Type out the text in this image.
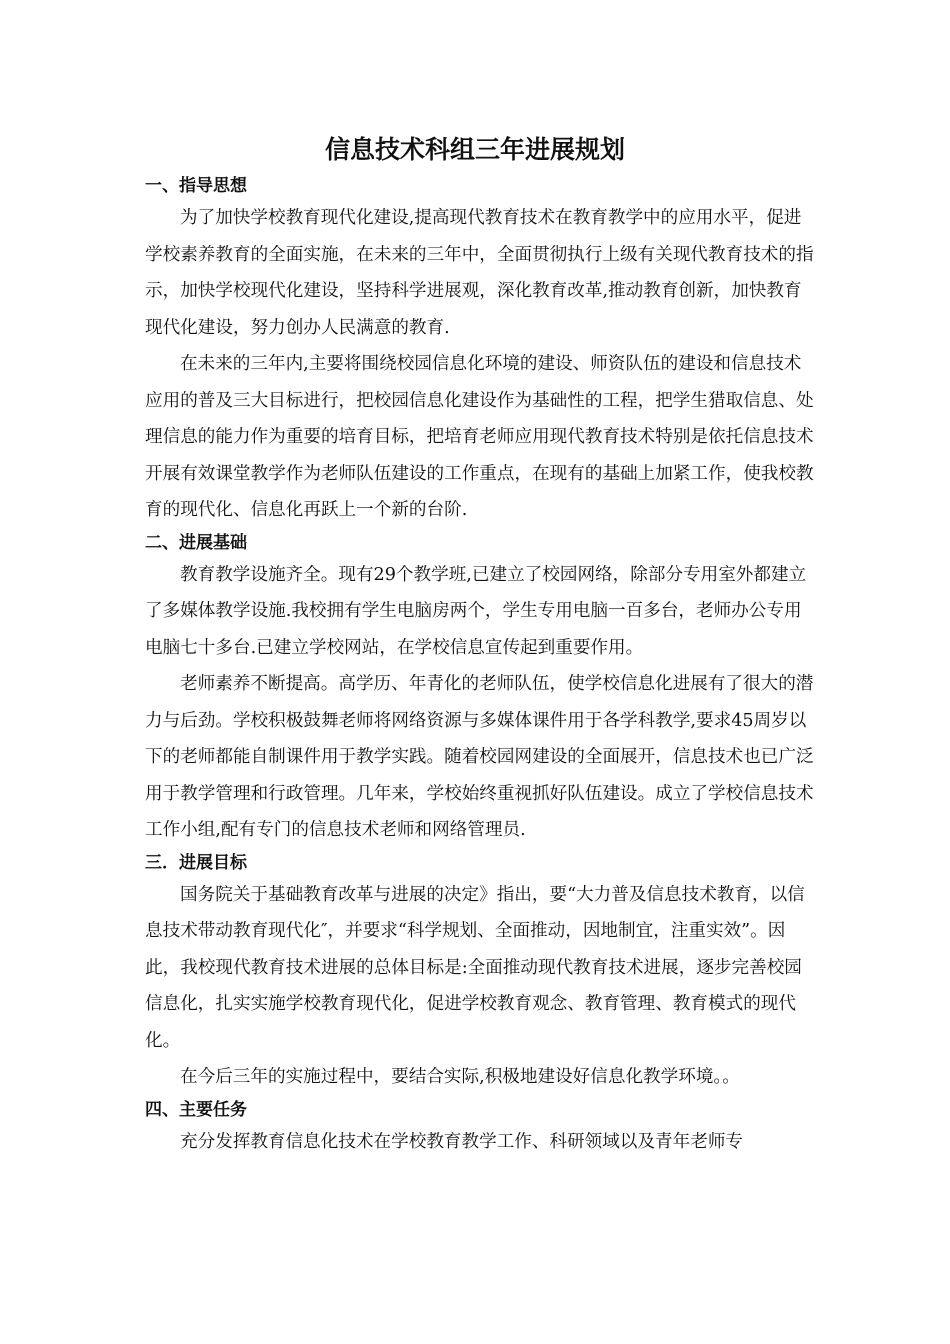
信息技术科组三年进展规划
一、指导思想

为了加快学校教育现代化建设,提高现代教育技术在教育教学中的应用水平，促进学校素养教育的全面实施，在未来的三年中，全面贯彻执行上级有关现代教育技术的指示，加快学校现代化建设，坚持科学进展观，深化教育改革,推动教育创新，加快教育现代化建设，努力创办人民满意的教育.

在未来的三年内,主要将围绕校园信息化环境的建设、师资队伍的建设和信息技术应用的普及三大目标进行，把校园信息化建设作为基础性的工程，把学生猎取信息、处理信息的能力作为重要的培育目标，把培育老师应用现代教育技术特别是依托信息技术开展有效课堂教学作为老师队伍建设的工作重点，在现有的基础上加紧工作，使我校教育的现代化、信息化再跃上一个新的台阶.

二、进展基础

教育教学设施齐全。现有29个教学班,已建立了校园网络，除部分专用室外都建立了多媒体教学设施.我校拥有学生电脑房两个，学生专用电脑一百多台，老师办公专用电脑七十多台.已建立学校网站，在学校信息宣传起到重要作用。

老师素养不断提高。高学历、年青化的老师队伍，使学校信息化进展有了很大的潜力与后劲。学校积极鼓舞老师将网络资源与多媒体课件用于各学科教学,要求45周岁以下的老师都能自制课件用于教学实践。随着校园网建设的全面展开，信息技术也已广泛用于教学管理和行政管理。几年来，学校始终重视抓好队伍建设。成立了学校信息技术工作小组,配有专门的信息技术老师和网络管理员.

三．进展目标

国务院关于基础教育改革与进展的决定》指出，要“大力普及信息技术教育，以信息技术带动教育现代化″，并要求“科学规划、全面推动，因地制宜，注重实效”。因此，我校现代教育技术进展的总体目标是:全面推动现代教育技术进展，逐步完善校园信息化，扎实实施学校教育现代化，促进学校教育观念、教育管理、教育模式的现代化。

在今后三年的实施过程中，要结合实际,积极地建设好信息化教学环境。。

四、主要任务

充分发挥教育信息化技术在学校教育教学工作、科研领域以及青年老师专
